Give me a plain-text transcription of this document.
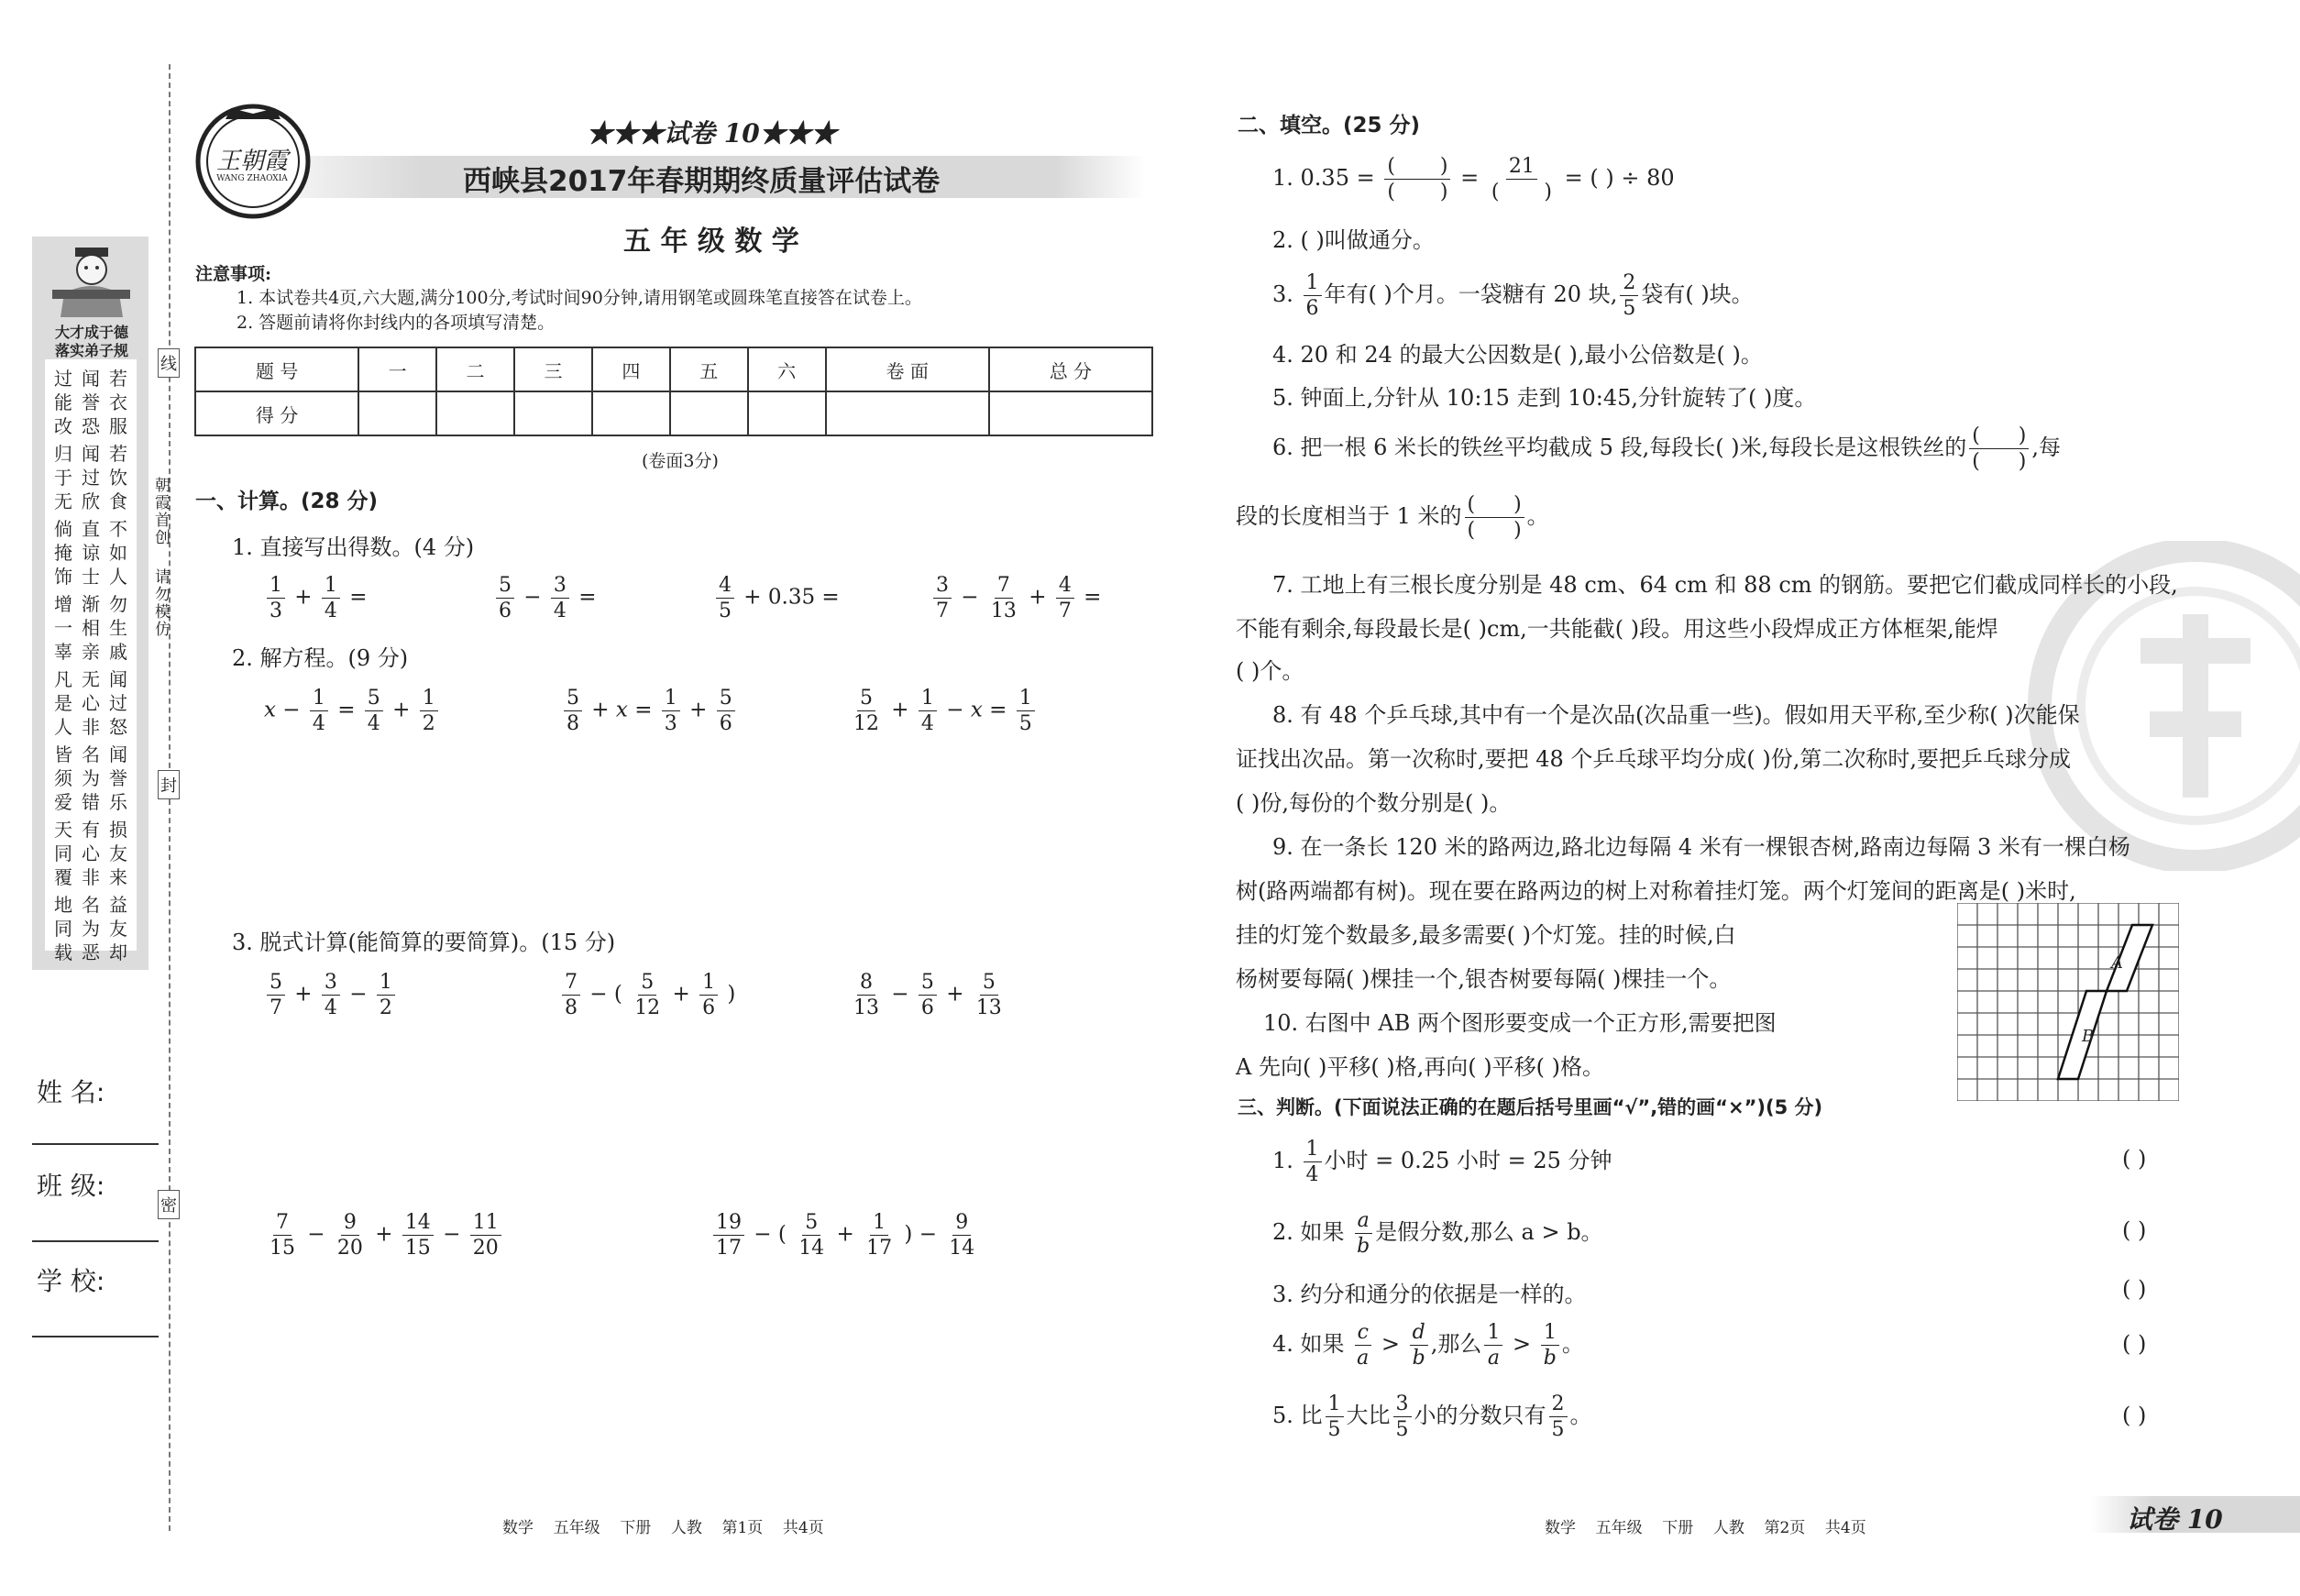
大才成于德
落实弟子规
过能改
闻誉恐
若衣服
归于无
闻过欣
若饮食
倘掩饰
直谅士
不如人
增一辜
渐相亲
勿生戚
凡是人
无心非
闻过怒
皆须爱
名为错
闻誉乐
天同覆
有心非
损友来
地同载
名为恶
益友却
姓 名:
班 级:
学 校:
线
封
密
朝霞首创
请勿模仿
王朝霞
WANG ZHAOXIA
★★★试卷 10★★★
西峡县2017年春期期终质量评估试卷
五 年 级 数 学
注意事项:
1. 本试卷共4页,六大题,满分100分,考试时间90分钟,请用钢笔或圆珠笔直接答在试卷上。
2. 答题前请将你封线内的各项填写清楚。
题 号	一	二	三	四	五	六	卷 面	总 分
得 分								
(卷面3分)
一、计算。(28 分)
1. 直接写出得数。(4 分)
$\frac{1}{3} + \frac{1}{4}$ =	$\frac{5}{6} - \frac{3}{4}$ =	$\frac{4}{5} + 0.35$ =	$\frac{3}{7} - \frac{7}{13} + \frac{4}{7}$ =
2. 解方程。(9 分)
$x - \frac{1}{4} = \frac{5}{4} + \frac{1}{2}$	$\frac{5}{8} + x = \frac{1}{3} + \frac{5}{6}$	$\frac{5}{12} + \frac{1}{4} - x = \frac{1}{5}$
3. 脱式计算(能简算的要简算)。(15 分)
$\frac{5}{7} + \frac{3}{4} - \frac{1}{2}$	$\frac{7}{8}$ − ( $\frac{5}{12} + \frac{1}{6}$ )	$\frac{8}{13} - \frac{5}{6} + \frac{5}{13}$
$\frac{7}{15} - \frac{9}{20} + \frac{14}{15} - \frac{11}{20}$	$\frac{19}{17}$ − ( $\frac{5}{14} + \frac{1}{17}$ ) − $\frac{9}{14}$
数学    五年级    下册    人教    第1页    共4页
二、填空。(25 分)
1. 0.35 = (       )
(       )
= 21
(       )
= ( ) ÷ 80
2. ( )叫做通分。
3. $\frac{1}{6}$ 年有( )个月。一袋糖有 20 块, $\frac{2}{5}$ 袋有( )块。
4. 20 和 24 的最大公因数是( ),最小公倍数是( )。
5. 钟面上,分针从 10:15 走到 10:45,分针旋转了( )度。
6. 把一根 6 米长的铁丝平均截成 5 段,每段长( )米,每段长是这根铁丝的 (      )
(      )
,每
段的长度相当于 1 米的 (      )
(      )
。
7. 工地上有三根长度分别是 48 cm、64 cm 和 88 cm 的钢筋。要把它们截成同样长的小段,
不能有剩余,每段最长是( )cm,一共能截( )段。用这些小段焊成正方体框架,能焊
( )个。
8. 有 48 个乒乓球,其中有一个是次品(次品重一些)。假如用天平称,至少称( )次能保
证找出次品。第一次称时,要把 48 个乒乓球平均分成( )份,第二次称时,要把乒乓球分成
( )份,每份的个数分别是( )。
9. 在一条长 120 米的路两边,路北边每隔 4 米有一棵银杏树,路南边每隔 3 米有一棵白杨
树(路两端都有树)。现在要在路两边的树上对称着挂灯笼。两个灯笼间的距离是( )米时,
挂的灯笼个数最多,最多需要( )个灯笼。挂的时候,白
杨树要每隔( )棵挂一个,银杏树要每隔( )棵挂一个。
10. 右图中 AB 两个图形要变成一个正方形,需要把图
A 先向( )平移( )格,再向( )平移( )格。
A
B
三、判断。(下面说法正确的在题后括号里画“√”,错的画“×”)(5 分)
1. $\frac{1}{4}$ 小时 = 0.25 小时 = 25 分钟	( )
2. 如果 $\frac{a}{b}$ 是假分数,那么 a > b。	( )
3. 约分和通分的依据是一样的。	( )
4. 如果 $\frac{c}{a} > \frac{d}{b}$ ,那么 $\frac{1}{a} > \frac{1}{b}$ 。	( )
5. 比 $\frac{1}{5}$ 大比 $\frac{3}{5}$ 小的分数只有 $\frac{2}{5}$ 。	( )
数学    五年级    下册    人教    第2页    共4页	试卷 10
